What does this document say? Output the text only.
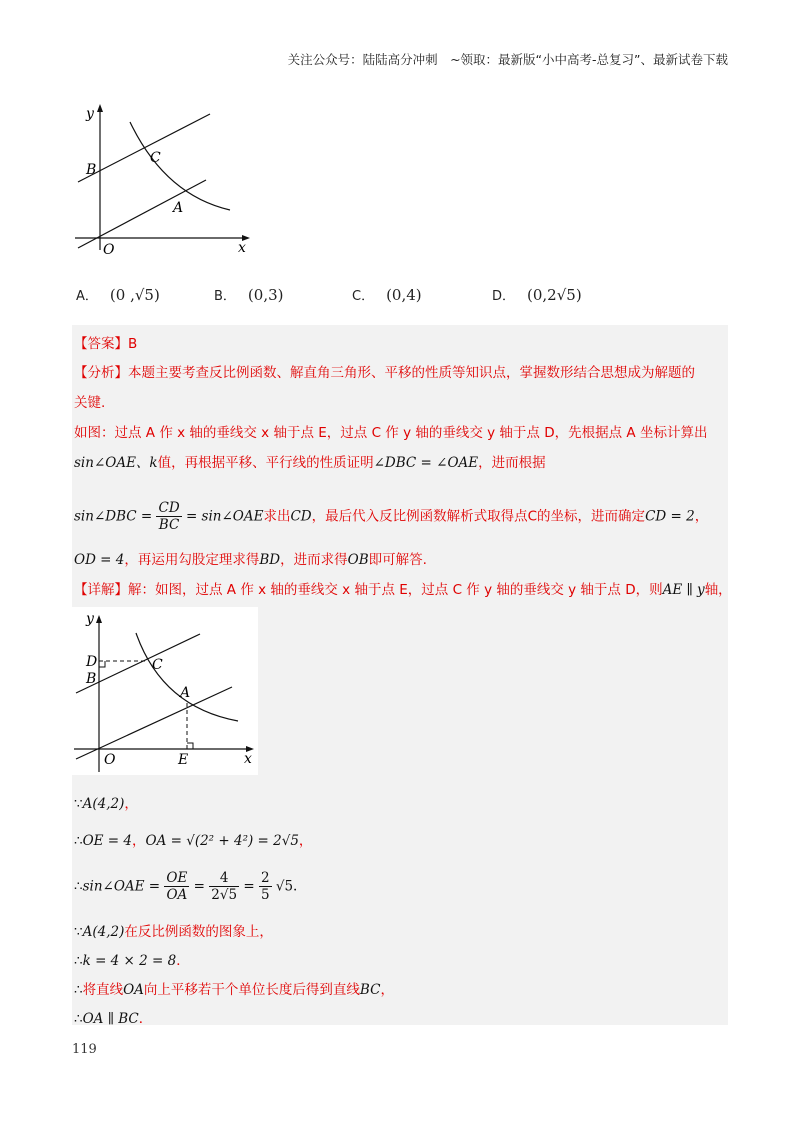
关注公众号：陆陆高分冲刺　~领取：最新版“小中高考-总复习”、最新试卷下载
y
x
O
B
C
A
A． (0 ,√5)	B． (0,3)	C． (0,4)	D． (0,2√5)
【答案】B
【分析】本题主要考查反比例函数、解直角三角形、平移的性质等知识点，掌握数形结合思想成为解题的
关键.
如图：过点 A 作 x 轴的垂线交 x 轴于点 E，过点 C 作 y 轴的垂线交 y 轴于点 D，先根据点 A 坐标计算出
sin∠OAE、k值，再根据平移、平行线的性质证明∠DBC = ∠OAE，进而根据
sin∠DBC = $\frac{CD}{BC}$ = sin∠OAE求出CD，最后代入反比例函数解析式取得点C的坐标，进而确定CD = 2，
OD = 4，再运用勾股定理求得BD，进而求得OB即可解答.
【详解】解：如图，过点 A 作 x 轴的垂线交 x 轴于点 E，过点 C 作 y 轴的垂线交 y 轴于点 D，则AE ∥ y轴，
y
x
O
D
B
C
A
E
∵A(4,2)，
∴OE = 4，OA = √(2² + 4²) = 2√5，
∴sin∠OAE = $\frac{OE}{OA} = \frac{4}{2√5} = \frac{2}{5} √5$.
∵A(4,2)在反比例函数的图象上，
∴k = 4 × 2 = 8．
∴将直线OA向上平移若干个单位长度后得到直线BC，
∴OA ∥ BC．
119
